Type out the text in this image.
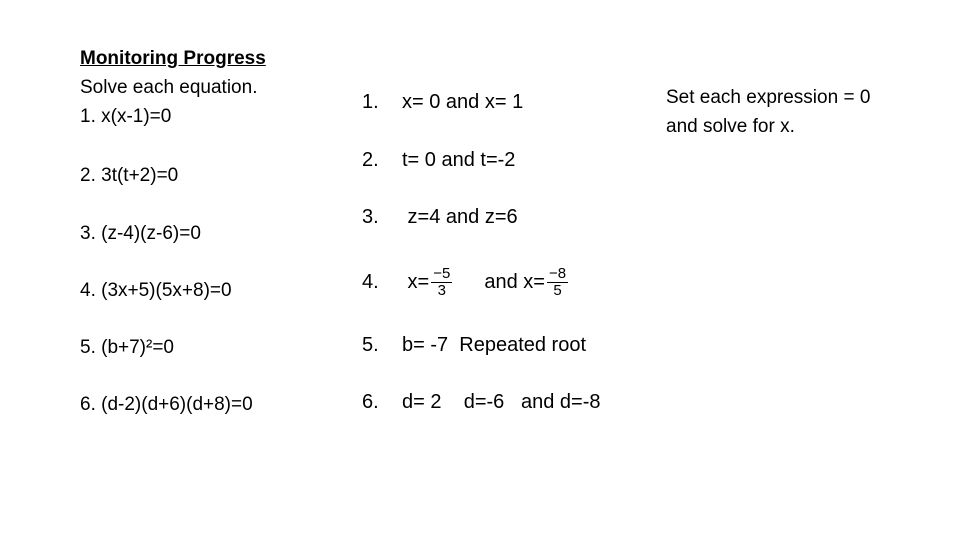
Monitoring Progress
Solve each equation.
1. x(x-1)=0
2. 3t(t+2)=0
3. (z-4)(z-6)=0
4. (3x+5)(5x+8)=0
5. (b+7)²=0
6. (d-2)(d+6)(d+8)=0
1. x= 0 and x= 1
2. t= 0 and t=-2
3. z=4 and z=6
4. $x= \frac{-5}{3}$ and $x= \frac{-8}{5}$
5. b= -7  Repeated root
6. d= 2    d=-6   and d=-8
Set each expression = 0
and solve for x.
